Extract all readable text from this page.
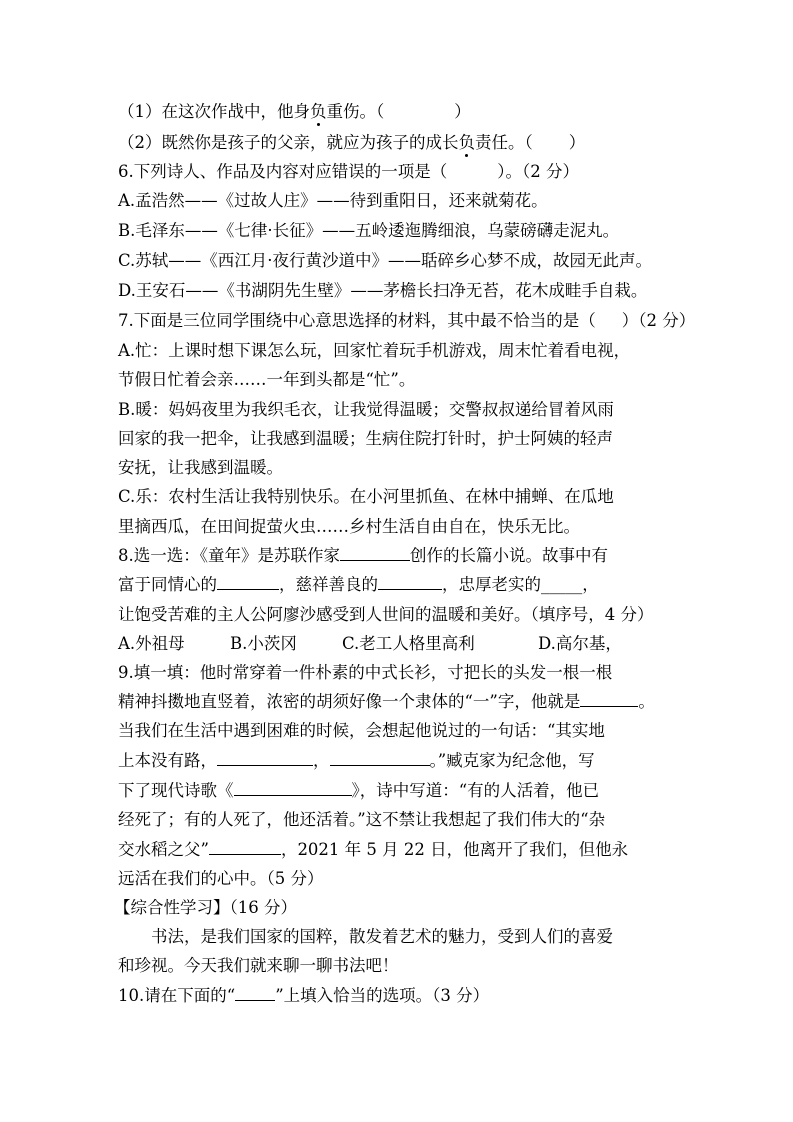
（1）在这次作战中，他身负重伤。（	）
（2）既然你是孩子的父亲，就应为孩子的成长负责任。（ ）
6.下列诗人、作品及内容对应错误的一项是（	）。（2 分）
A.孟浩然——《过故人庄》——待到重阳日，还来就菊花。
B.毛泽东——《七律·长征》——五岭逶迤腾细浪，乌蒙磅礴走泥丸。
C.苏轼——《西江月·夜行黄沙道中》——聒碎乡心梦不成，故园无此声。
D.王安石——《书湖阴先生壁》——茅檐长扫净无苔，花木成畦手自栽。
7.下面是三位同学围绕中心意思选择的材料，其中最不恰当的是（ ）（2 分）
A.忙：上课时想下课怎么玩，回家忙着玩手机游戏，周末忙着看电视，
节假日忙着会亲……一年到头都是“忙”。
B.暖：妈妈夜里为我织毛衣，让我觉得温暖；交警叔叔递给冒着风雨
回家的我一把伞，让我感到温暖；生病住院打针时，护士阿姨的轻声
安抚，让我感到温暖。
C.乐：农村生活让我特别快乐。在小河里抓鱼、在林中捕蝉、在瓜地
里摘西瓜，在田间捉萤火虫……乡村生活自由自在，快乐无比。
8.选一选：《童年》是苏联作家	创作的长篇小说。故事中有
富于同情心的	，慈祥善良的	，忠厚老实的_____，
让饱受苦难的主人公阿廖沙感受到人世间的温暖和美好。（填序号，4 分）
A.外祖母	B.小茨冈	C.老工人格里高利	D.高尔基，
9.填一填：他时常穿着一件朴素的中式长衫，寸把长的头发一根一根
精神抖擞地直竖着，浓密的胡须好像一个隶体的“一”字，他就是	。
当我们在生活中遇到困难的时候，会想起他说过的一句话：“其实地
上本没有路，	，	。”臧克家为纪念他，写
下了现代诗歌《	》，诗中写道：“有的人活着，他已
经死了；有的人死了，他还活着。”这不禁让我想起了我们伟大的“杂
交水稻之父”	，2021 年 5 月 22 日，他离开了我们，但他永
远活在我们的心中。（5 分）
【综合性学习】（16 分）
书法，是我们国家的国粹，散发着艺术的魅力，受到人们的喜爱
和珍视。今天我们就来聊一聊书法吧！
10.请在下面的“ ”上填入恰当的选项。（3 分）
